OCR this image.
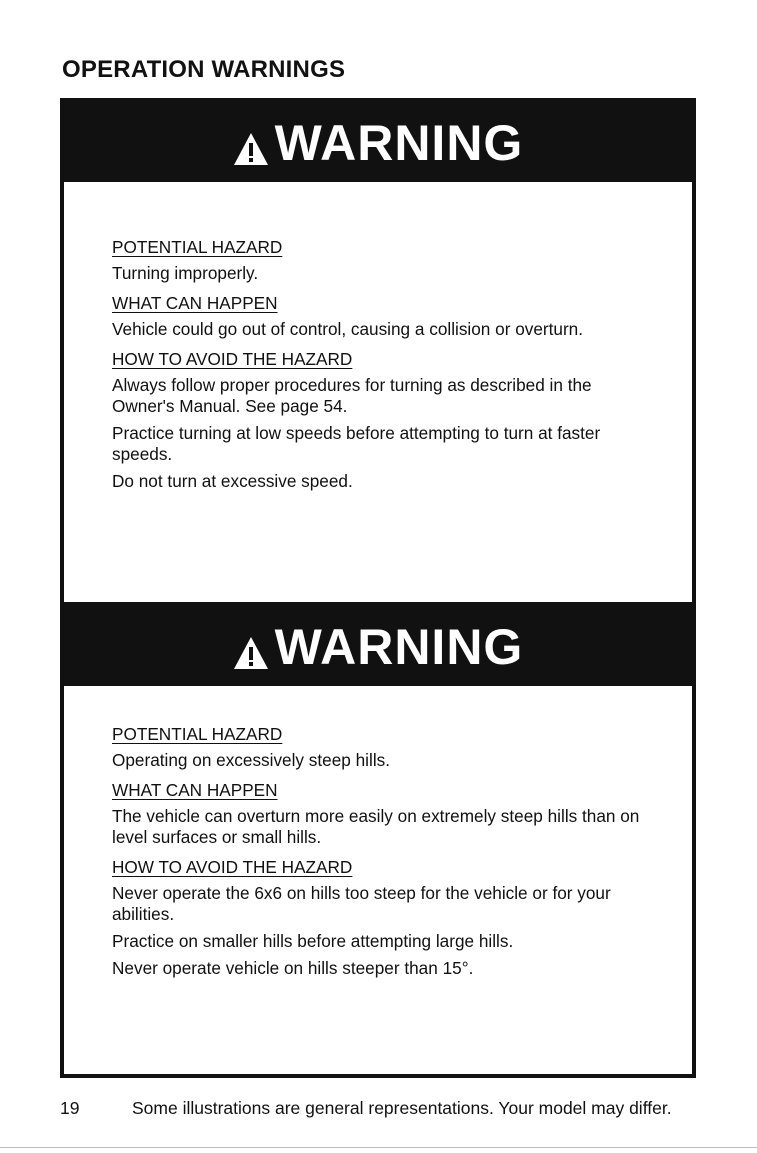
OPERATION WARNINGS
WARNING

POTENTIAL HAZARD

Turning improperly.

WHAT CAN HAPPEN

Vehicle could go out of control, causing a collision or overturn.

HOW TO AVOID THE HAZARD

Always follow proper procedures for turning as described in the Owner's Manual. See page 54.

Practice turning at low speeds before attempting to turn at faster speeds.

Do not turn at excessive speed.

WARNING

POTENTIAL HAZARD

Operating on excessively steep hills.

WHAT CAN HAPPEN

The vehicle can overturn more easily on extremely steep hills than on level surfaces or small hills.

HOW TO AVOID THE HAZARD

Never operate the 6x6 on hills too steep for the vehicle or for your abilities.

Practice on smaller hills before attempting large hills.

Never operate vehicle on hills steeper than 15°.

19	Some illustrations are general representations. Your model may differ.
